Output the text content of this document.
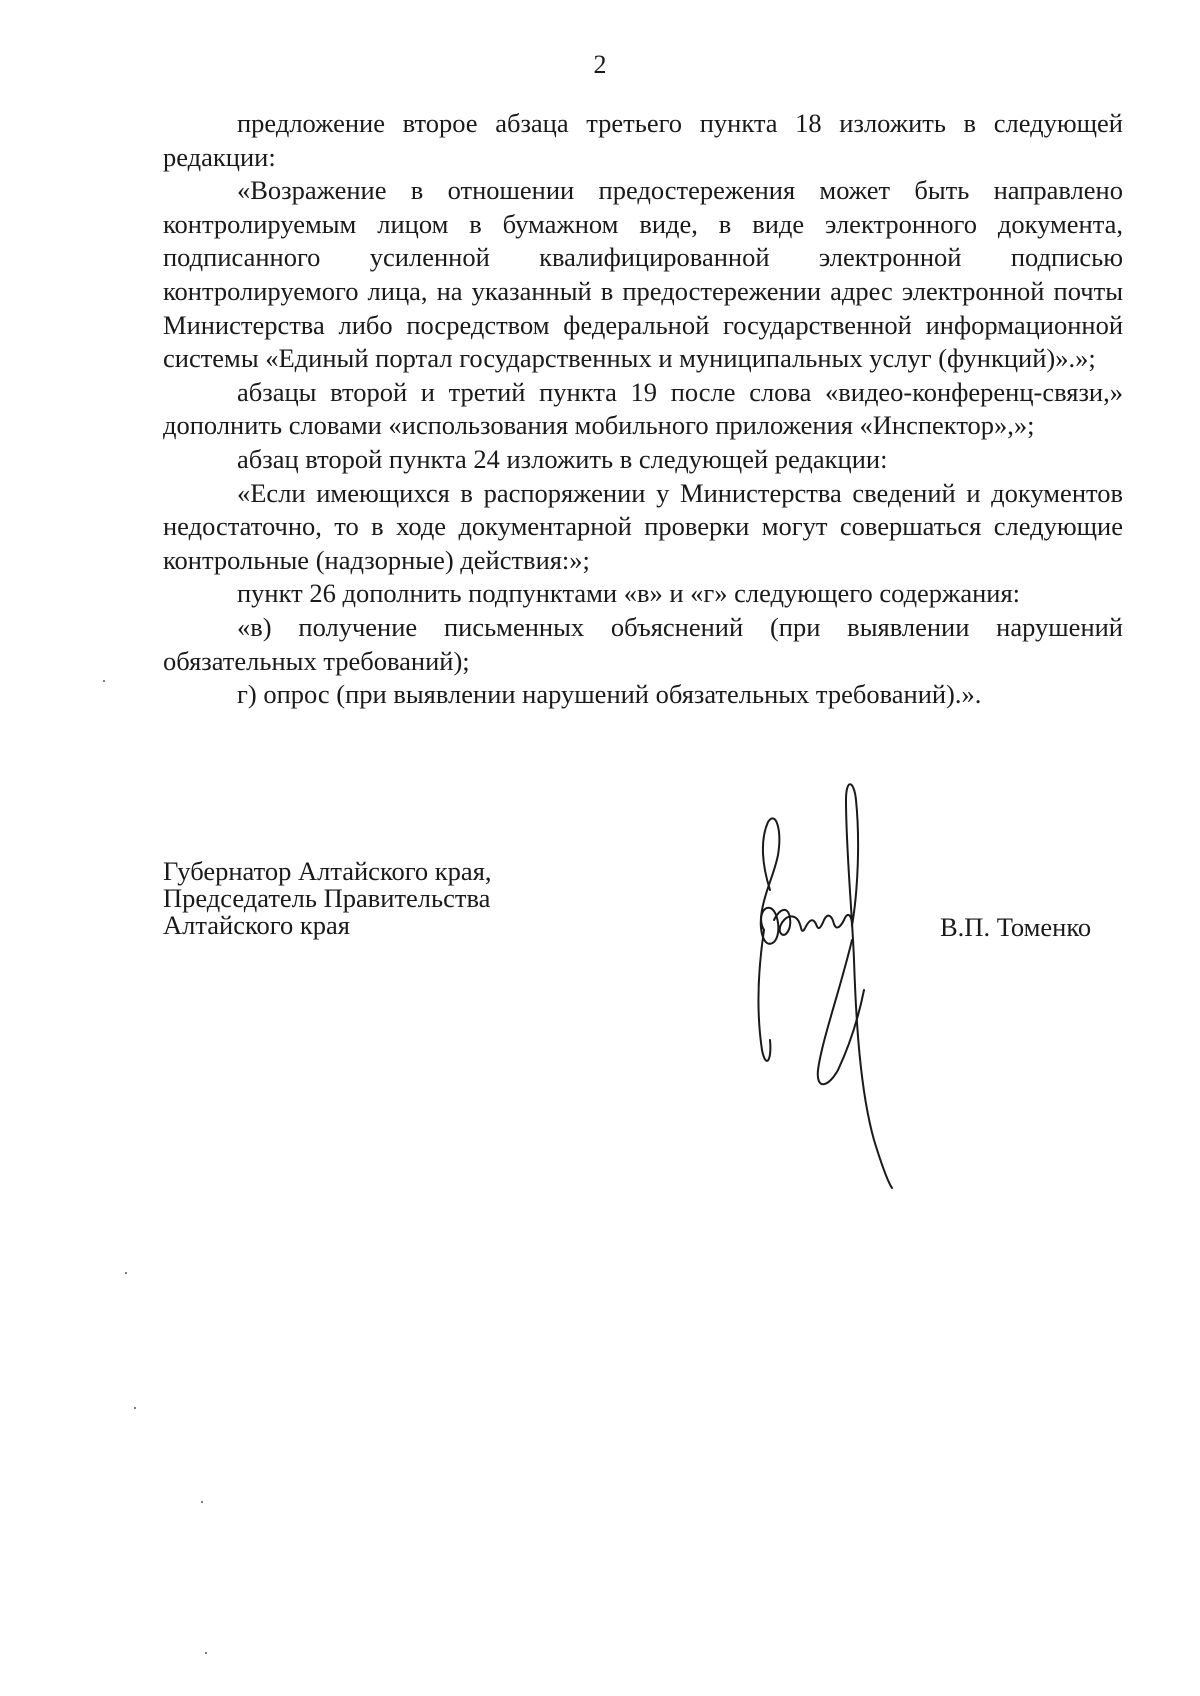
2

предложение второе абзаца третьего пункта 18 изложить в следующей редакции:

«Возражение в отношении предостережения может быть направлено контролируемым лицом в бумажном виде, в виде электронного документа, подписанного усиленной квалифицированной электронной подписью контролируемого лица, на указанный в предостережении адрес электронной почты Министерства либо посредством федеральной государственной информационной системы «Единый портал государственных и муниципальных услуг (функций)».»;

абзацы второй и третий пункта 19 после слова «видео-конференц-связи,» дополнить словами «использования мобильного приложения «Инспектор»,»;

абзац второй пункта 24 изложить в следующей редакции:

«Если имеющихся в распоряжении у Министерства сведений и документов недостаточно, то в ходе документарной проверки могут совершаться следующие контрольные (надзорные) действия:»;

пункт 26 дополнить подпунктами «в» и «г» следующего содержания:

«в) получение письменных объяснений (при выявлении нарушений обязательных требований);

г) опрос (при выявлении нарушений обязательных требований).».

Губернатор Алтайского края,
Председатель Правительства
Алтайского края	В.П. Томенко
